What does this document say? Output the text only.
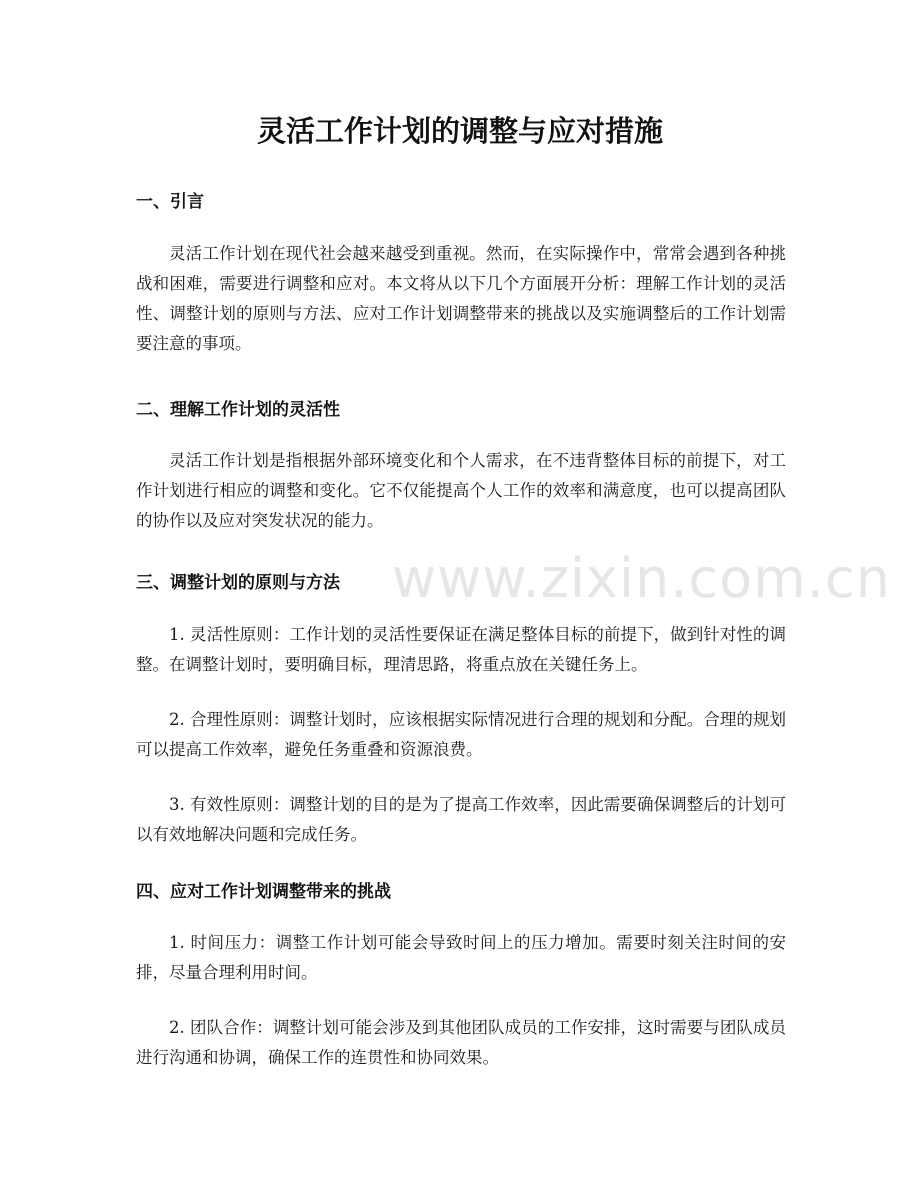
www.zixin.com.cn
灵活工作计划的调整与应对措施
一、引言

灵活工作计划在现代社会越来越受到重视。然而，在实际操作中，常常会遇到各种挑战和困难，需要进行调整和应对。本文将从以下几个方面展开分析：理解工作计划的灵活性、调整计划的原则与方法、应对工作计划调整带来的挑战以及实施调整后的工作计划需要注意的事项。

二、理解工作计划的灵活性

灵活工作计划是指根据外部环境变化和个人需求，在不违背整体目标的前提下，对工作计划进行相应的调整和变化。它不仅能提高个人工作的效率和满意度，也可以提高团队的协作以及应对突发状况的能力。

三、调整计划的原则与方法

1. 灵活性原则：工作计划的灵活性要保证在满足整体目标的前提下，做到针对性的调整。在调整计划时，要明确目标，理清思路，将重点放在关键任务上。

2. 合理性原则：调整计划时，应该根据实际情况进行合理的规划和分配。合理的规划可以提高工作效率，避免任务重叠和资源浪费。

3. 有效性原则：调整计划的目的是为了提高工作效率，因此需要确保调整后的计划可以有效地解决问题和完成任务。

四、应对工作计划调整带来的挑战

1. 时间压力：调整工作计划可能会导致时间上的压力增加。需要时刻关注时间的安排，尽量合理利用时间。

2. 团队合作：调整计划可能会涉及到其他团队成员的工作安排，这时需要与团队成员进行沟通和协调，确保工作的连贯性和协同效果。
